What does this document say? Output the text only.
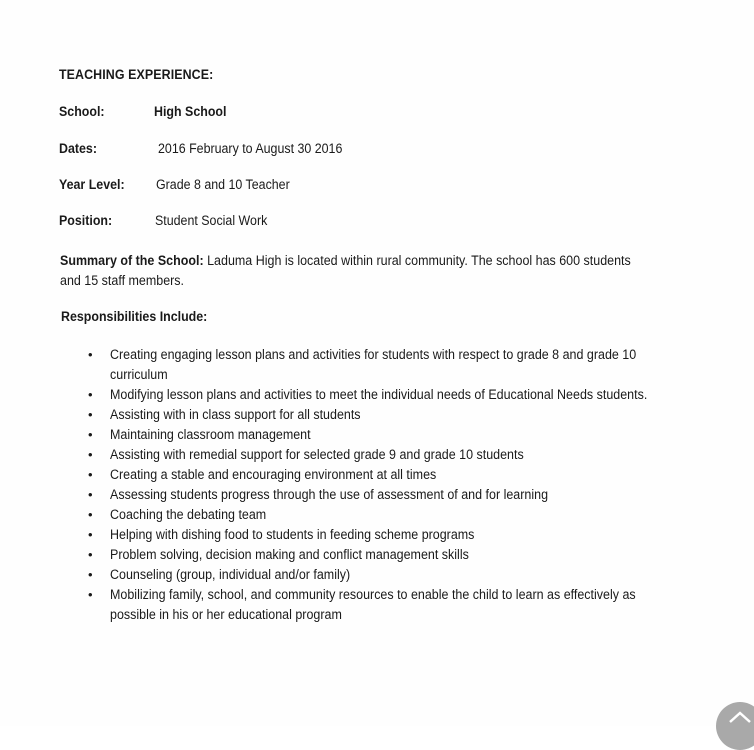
TEACHING EXPERIENCE:
School:	High School
Dates:	2016 February to August 30 2016
Year Level: Grade 8 and 10 Teacher
Position:	Student Social Work
Summary of the School: Laduma High is located within rural community. The school has 600 students and 15 staff members.
Responsibilities Include:
• Creating engaging lesson plans and activities for students with respect to grade 8 and grade 10 curriculum
• Modifying lesson plans and activities to meet the individual needs of Educational Needs students.
• Assisting with in class support for all students
• Maintaining classroom management
• Assisting with remedial support for selected grade 9 and grade 10 students
• Creating a stable and encouraging environment at all times
• Assessing students progress through the use of assessment of and for learning
• Coaching the debating team
• Helping with dishing food to students in feeding scheme programs
• Problem solving, decision making and conflict management skills
• Counseling (group, individual and/or family)
• Mobilizing family, school, and community resources to enable the child to learn as effectively as possible in his or her educational program
